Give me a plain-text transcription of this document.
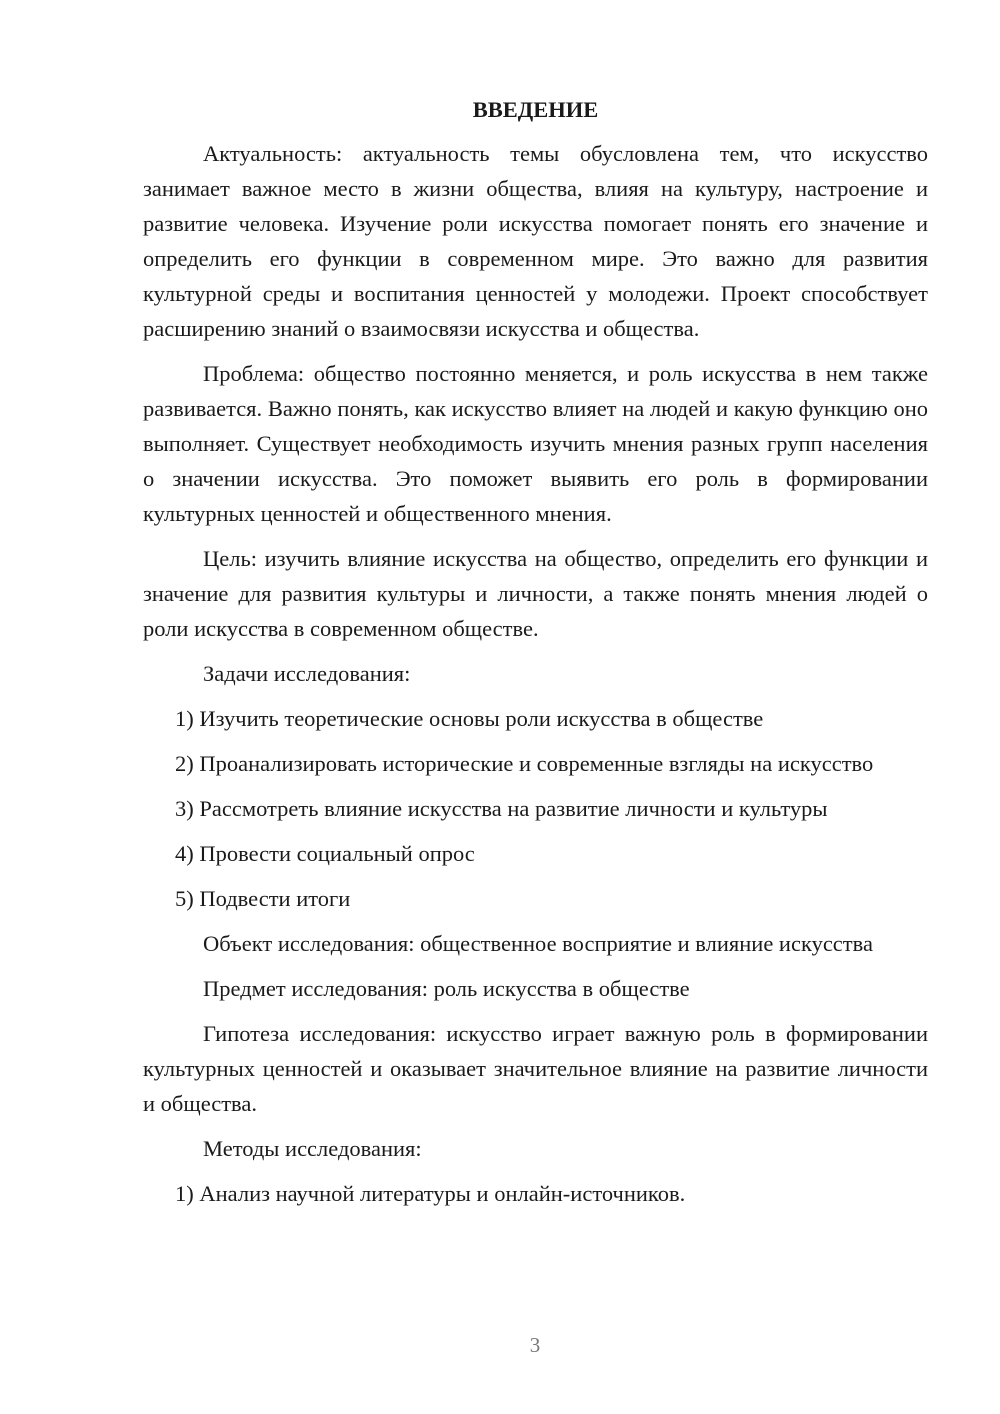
ВВЕДЕНИЕ

Актуальность: актуальность темы обусловлена тем, что искусство занимает важное место в жизни общества, влияя на культуру, настроение и развитие человека. Изучение роли искусства помогает понять его значение и определить его функции в современном мире. Это важно для развития культурной среды и воспитания ценностей у молодежи. Проект способствует расширению знаний о взаимосвязи искусства и общества.

Проблема: общество постоянно меняется, и роль искусства в нем также развивается. Важно понять, как искусство влияет на людей и какую функцию оно выполняет. Существует необходимость изучить мнения разных групп населения о значении искусства. Это поможет выявить его роль в формировании культурных ценностей и общественного мнения.

Цель: изучить влияние искусства на общество, определить его функции и значение для развития культуры и личности, а также понять мнения людей о роли искусства в современном обществе.

Задачи исследования:

1) Изучить теоретические основы роли искусства в обществе

2) Проанализировать исторические и современные взгляды на искусство

3) Рассмотреть влияние искусства на развитие личности и культуры

4) Провести социальный опрос

5) Подвести итоги

Объект исследования: общественное восприятие и влияние искусства

Предмет исследования: роль искусства в обществе

Гипотеза исследования: искусство играет важную роль в формировании культурных ценностей и оказывает значительное влияние на развитие личности и общества.

Методы исследования:

1) Анализ научной литературы и онлайн-источников.

3
